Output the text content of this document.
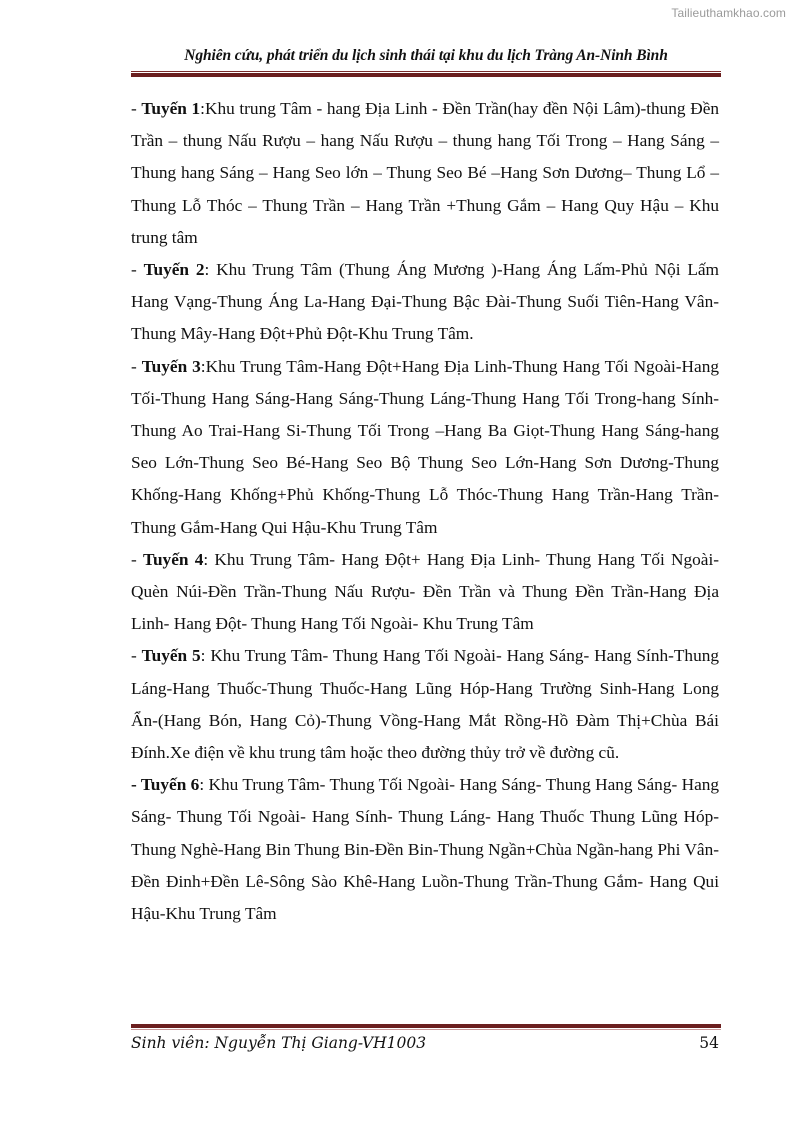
Tailieuthamkhao.com
Nghiên cứu, phát triển du lịch sinh thái tại khu du lịch Tràng An-Ninh Bình

- Tuyến 1:Khu trung Tâm - hang Địa Linh - Đền Trần(hay đền Nội Lâm)-thung Đền Trần – thung Nấu Rượu – hang Nấu Rượu – thung hang Tối Trong – Hang Sáng – Thung hang Sáng – Hang Seo lớn – Thung Seo Bé –Hang Sơn Dương– Thung Lổ – Thung Lỗ Thóc – Thung Trần – Hang Trần +Thung Gắm – Hang Quy Hậu – Khu trung tâm

- Tuyến 2: Khu Trung Tâm (Thung Áng Mương )-Hang Áng Lấm-Phủ Nội Lấm Hang Vạng-Thung Áng La-Hang Đại-Thung Bậc Đài-Thung Suối Tiên-Hang Vân-Thung Mây-Hang Đột+Phủ Đột-Khu Trung Tâm.

- Tuyến 3:Khu Trung Tâm-Hang Đột+Hang Địa Linh-Thung Hang Tối Ngoài-Hang Tối-Thung Hang Sáng-Hang Sáng-Thung Láng-Thung Hang Tối Trong-hang Sính-Thung Ao Trai-Hang Si-Thung Tối Trong –Hang Ba Giọt-Thung Hang Sáng-hang Seo Lớn-Thung Seo Bé-Hang Seo Bộ Thung Seo Lớn-Hang Sơn Dương-Thung Khống-Hang Khống+Phủ Khống-Thung Lỗ Thóc-Thung Hang Trần-Hang Trần-Thung Gắm-Hang Qui Hậu-Khu Trung Tâm

- Tuyến 4: Khu Trung Tâm- Hang Đột+ Hang Địa Linh- Thung Hang Tối Ngoài-Quèn Núi-Đền Trần-Thung Nấu Rượu- Đền Trần và Thung Đền Trần-Hang Địa Linh- Hang Đột- Thung Hang Tối Ngoài- Khu Trung Tâm

- Tuyến 5: Khu Trung Tâm- Thung Hang Tối Ngoài- Hang Sáng- Hang Sính-Thung Láng-Hang Thuốc-Thung Thuốc-Hang Lũng Hóp-Hang Trường Sinh-Hang Long Ẩn-(Hang Bón, Hang Cỏ)-Thung Vồng-Hang Mắt Rồng-Hồ Đàm Thị+Chùa Bái Đính.Xe điện về khu trung tâm hoặc theo đường thủy trở về đường cũ.

- Tuyến 6: Khu Trung Tâm- Thung Tối Ngoài- Hang Sáng- Thung Hang Sáng- Hang Sáng- Thung Tối Ngoài- Hang Sính- Thung Láng- Hang Thuốc Thung Lũng Hóp-Thung Nghè-Hang Bin Thung Bin-Đền Bin-Thung Ngần+Chùa Ngần-hang Phi Vân-Đền Đinh+Đền Lê-Sông Sào Khê-Hang Luồn-Thung Trần-Thung Gắm- Hang Qui Hậu-Khu Trung Tâm

Sinh viên: Nguyễn Thị Giang-VH1003	54
